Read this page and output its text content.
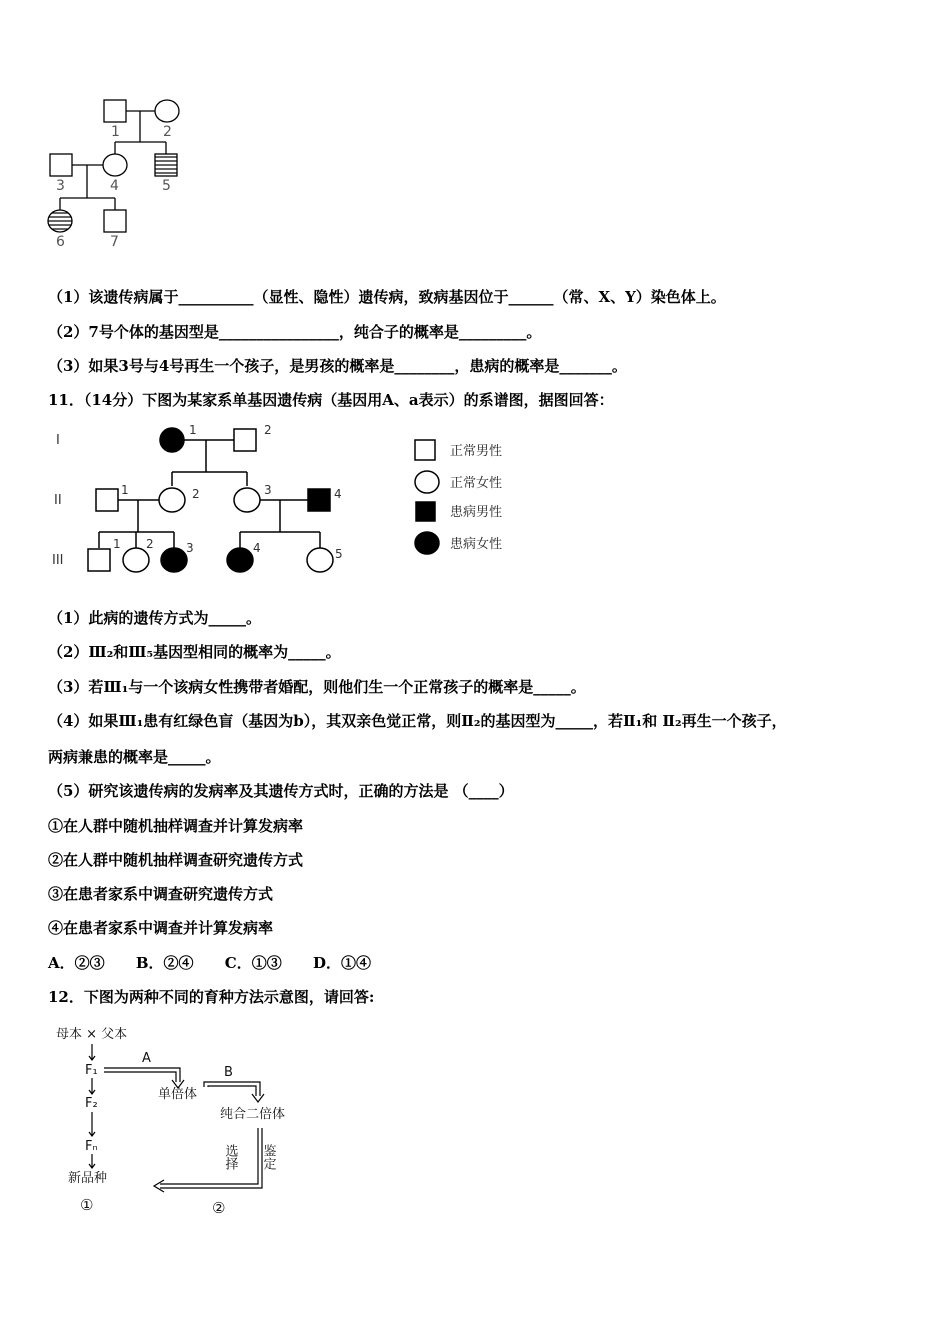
1	2
3	4	5
6	7
（1）该遗传病属于__________（显性、隐性）遗传病，致病基因位于______（常、X、Y）染色体上。
（2）7号个体的基因型是________________，纯合子的概率是_________。
（3）如果3号与4号再生一个孩子，是男孩的概率是________，患病的概率是_______。
11．（14分）下图为某家系单基因遗传病（基因用A、a表示）的系谱图，据图回答：
I
II
III
1	2
1	2	3	4
1 2	3	4	5
正常男性
正常女性
患病男性
患病女性
（1）此病的遗传方式为_____。
（2）Ⅲ₂和Ⅲ₅基因型相同的概率为_____。
（3）若Ⅲ₁与一个该病女性携带者婚配，则他们生一个正常孩子的概率是_____。
（4）如果Ⅲ₁患有红绿色盲（基因为b），其双亲色觉正常，则Ⅱ₂的基因型为_____，若Ⅱ₁和 Ⅱ₂再生一个孩子，
两病兼患的概率是_____。
（5）研究该遗传病的发病率及其遗传方式时，正确的方法是 （____）
①在人群中随机抽样调查并计算发病率
②在人群中随机抽样调查研究遗传方式
③在患者家系中调查研究遗传方式
④在患者家系中调查并计算发病率
A．②③ B．②④ C．①③ D．①④
12．下图为两种不同的育种方法示意图，请回答:
母本 × 父本
F₁
F₂
Fₙ
新品种
①
A
B
单倍体
纯合二倍体
②
选择 鉴定
